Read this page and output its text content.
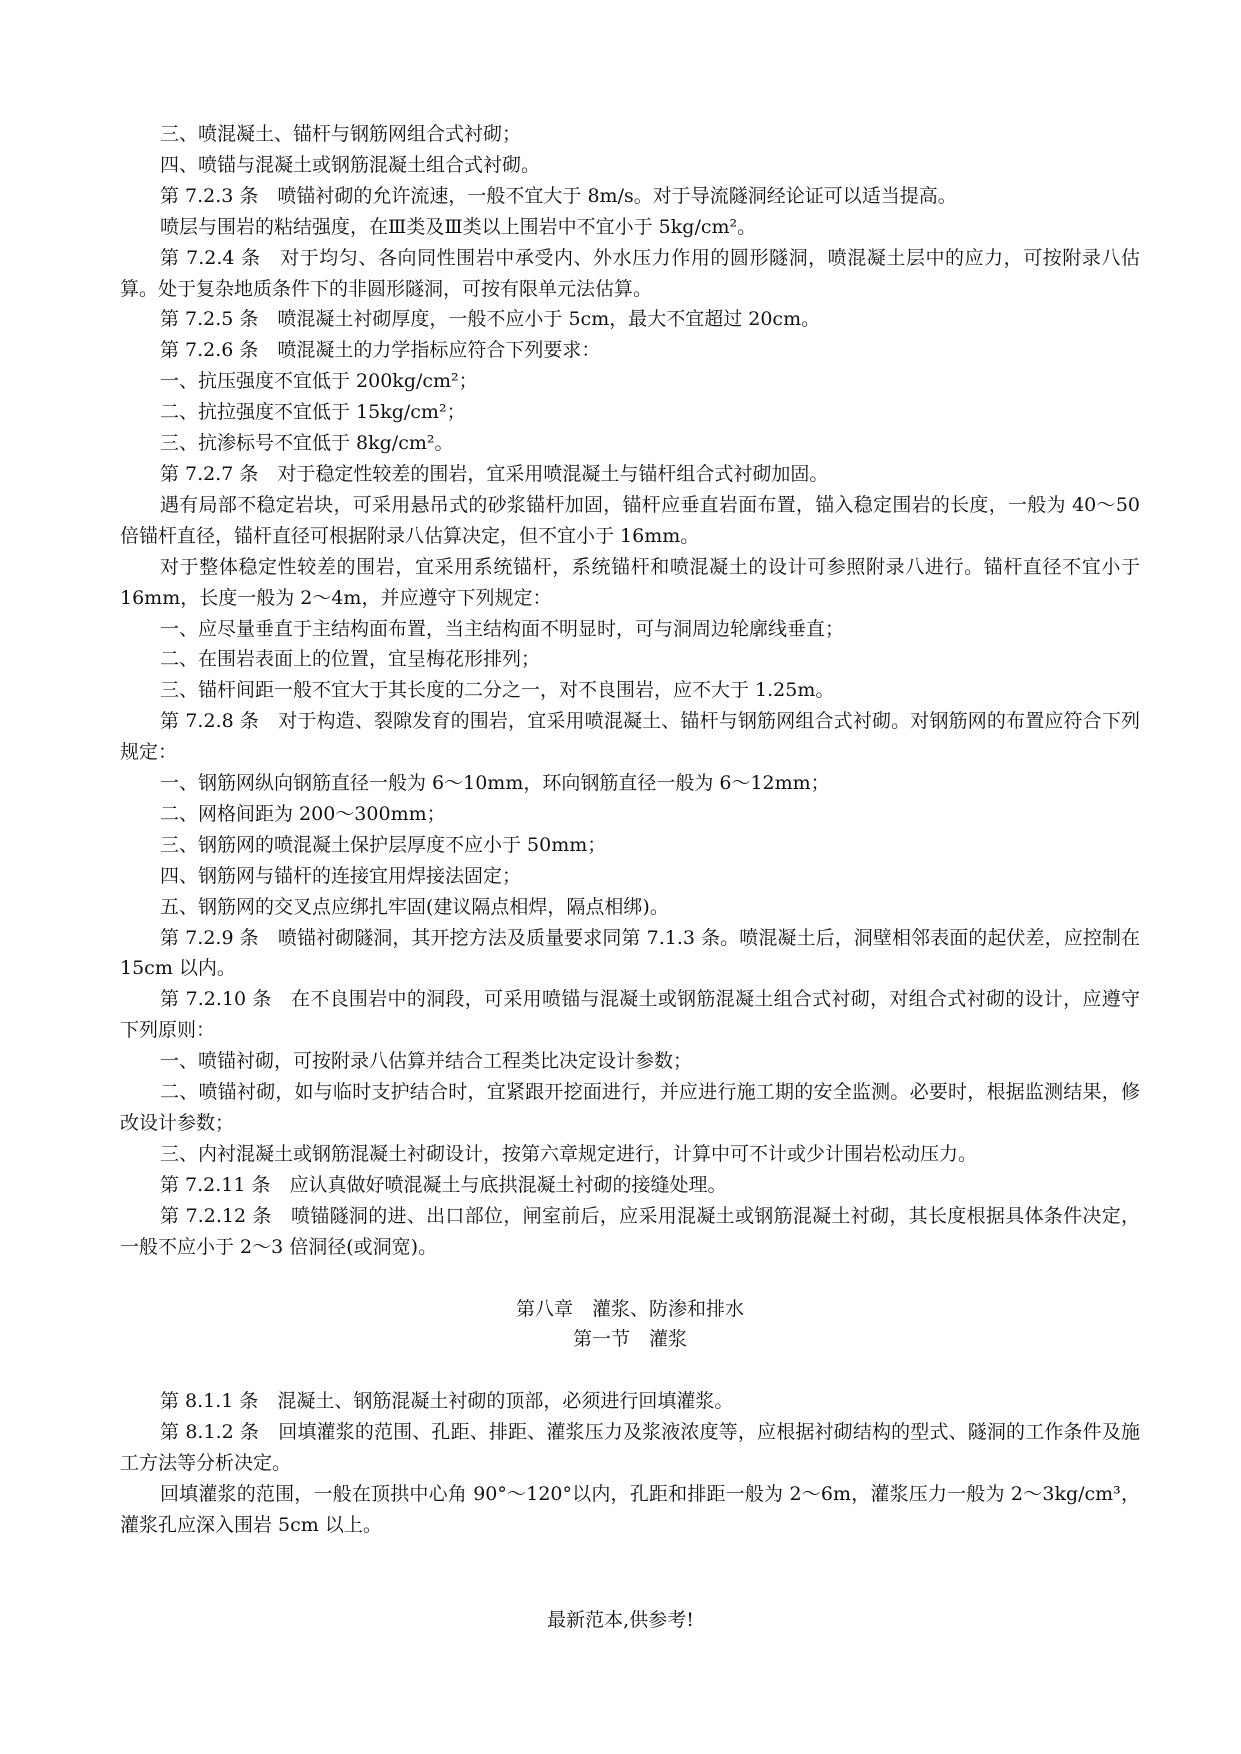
三、喷混凝土、锚杆与钢筋网组合式衬砌；

四、喷锚与混凝土或钢筋混凝土组合式衬砌。

第 7.2.3 条　喷锚衬砌的允许流速，一般不宜大于 8m/s。对于导流隧洞经论证可以适当提高。

喷层与围岩的粘结强度，在Ⅲ类及Ⅲ类以上围岩中不宜小于 5kg/cm²。

第 7.2.4 条　对于均匀、各向同性围岩中承受内、外水压力作用的圆形隧洞，喷混凝土层中的应力，可按附录八估算。处于复杂地质条件下的非圆形隧洞，可按有限单元法估算。

第 7.2.5 条　喷混凝土衬砌厚度，一般不应小于 5cm，最大不宜超过 20cm。

第 7.2.6 条　喷混凝土的力学指标应符合下列要求：

一、抗压强度不宜低于 200kg/cm²；

二、抗拉强度不宜低于 15kg/cm²；

三、抗渗标号不宜低于 8kg/cm²。

第 7.2.7 条　对于稳定性较差的围岩，宜采用喷混凝土与锚杆组合式衬砌加固。

遇有局部不稳定岩块，可采用悬吊式的砂浆锚杆加固，锚杆应垂直岩面布置，锚入稳定围岩的长度，一般为 40～50 倍锚杆直径，锚杆直径可根据附录八估算决定，但不宜小于 16mm。

对于整体稳定性较差的围岩，宜采用系统锚杆，系统锚杆和喷混凝土的设计可参照附录八进行。锚杆直径不宜小于 16mm，长度一般为 2～4m，并应遵守下列规定：

一、应尽量垂直于主结构面布置，当主结构面不明显时，可与洞周边轮廓线垂直；

二、在围岩表面上的位置，宜呈梅花形排列；

三、锚杆间距一般不宜大于其长度的二分之一，对不良围岩，应不大于 1.25m。

第 7.2.8 条　对于构造、裂隙发育的围岩，宜采用喷混凝土、锚杆与钢筋网组合式衬砌。对钢筋网的布置应符合下列规定：

一、钢筋网纵向钢筋直径一般为 6～10mm，环向钢筋直径一般为 6～12mm；

二、网格间距为 200～300mm；

三、钢筋网的喷混凝土保护层厚度不应小于 50mm；

四、钢筋网与锚杆的连接宜用焊接法固定；

五、钢筋网的交叉点应绑扎牢固(建议隔点相焊，隔点相绑)。

第 7.2.9 条　喷锚衬砌隧洞，其开挖方法及质量要求同第 7.1.3 条。喷混凝土后，洞壁相邻表面的起伏差，应控制在 15cm 以内。

第 7.2.10 条　在不良围岩中的洞段，可采用喷锚与混凝土或钢筋混凝土组合式衬砌，对组合式衬砌的设计，应遵守下列原则：

一、喷锚衬砌，可按附录八估算并结合工程类比决定设计参数；

二、喷锚衬砌，如与临时支护结合时，宜紧跟开挖面进行，并应进行施工期的安全监测。必要时，根据监测结果，修改设计参数；

三、内衬混凝土或钢筋混凝土衬砌设计，按第六章规定进行，计算中可不计或少计围岩松动压力。

第 7.2.11 条　应认真做好喷混凝土与底拱混凝土衬砌的接缝处理。

第 7.2.12 条　喷锚隧洞的进、出口部位，闸室前后，应采用混凝土或钢筋混凝土衬砌，其长度根据具体条件决定，一般不应小于 2～3 倍洞径(或洞宽)。

第八章　灌浆、防渗和排水

第一节　灌浆

第 8.1.1 条　混凝土、钢筋混凝土衬砌的顶部，必须进行回填灌浆。

第 8.1.2 条　回填灌浆的范围、孔距、排距、灌浆压力及浆液浓度等，应根据衬砌结构的型式、隧洞的工作条件及施工方法等分析决定。

回填灌浆的范围，一般在顶拱中心角 90°～120°以内，孔距和排距一般为 2～6m，灌浆压力一般为 2～3kg/cm³，灌浆孔应深入围岩 5cm 以上。

最新范本,供参考!
